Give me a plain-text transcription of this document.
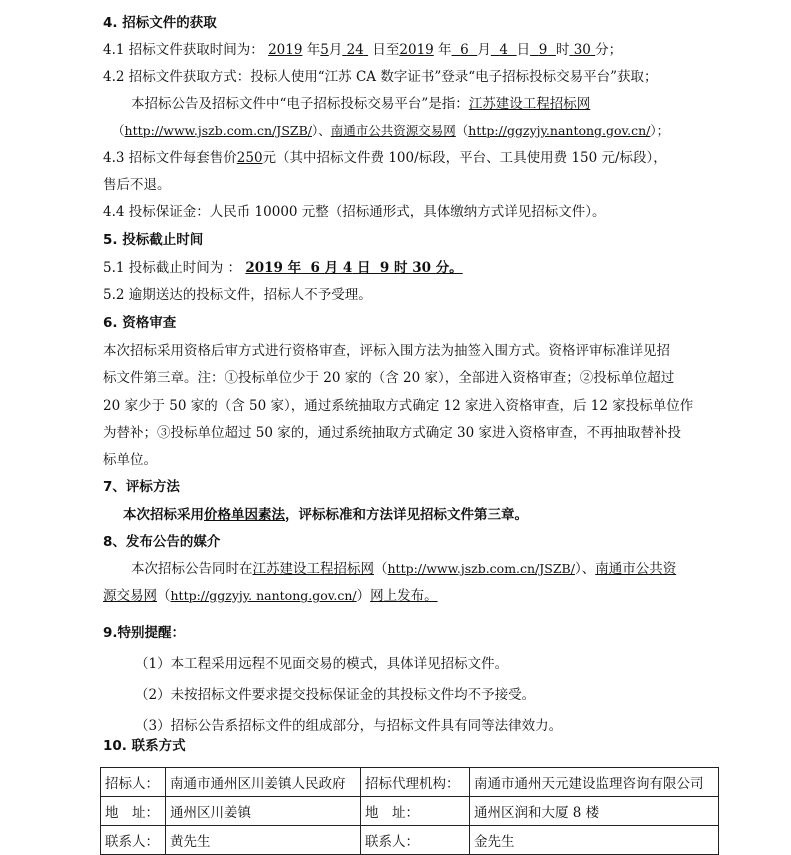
4. 招标文件的获取
4.1 招标文件获取时间为： 2019 年5月 24 日至2019 年 6 月 4 日 9 时 30 分；
4.2 招标文件获取方式：投标人使用“江苏 CA 数字证书”登录“电子招标投标交易平台”获取；
本招标公告及招标文件中“电子招标投标交易平台”是指：江苏建设工程招标网
（http://www.jszb.com.cn/JSZB/）、南通市公共资源交易网（http://ggzyjy.nantong.gov.cn/）；
4.3 招标文件每套售价250元（其中招标文件费 100/标段，平台、工具使用费 150 元/标段），
售后不退。
4.4 投标保证金：人民币 10000 元整（招标通形式，具体缴纳方式详见招标文件）。
5. 投标截止时间
5.1 投标截止时间为 ： 2019 年 6 月 4 日 9 时 30 分。
5.2 逾期送达的投标文件，招标人不予受理。
6. 资格审查
本次招标采用资格后审方式进行资格审查，评标入围方法为抽签入围方式。资格评审标准详见招
标文件第三章。注：①投标单位少于 20 家的（含 20 家），全部进入资格审查；②投标单位超过
20 家少于 50 家的（含 50 家），通过系统抽取方式确定 12 家进入资格审查，后 12 家投标单位作
为替补；③投标单位超过 50 家的，通过系统抽取方式确定 30 家进入资格审查，不再抽取替补投
标单位。
7、评标方法
本次招标采用价格单因素法，评标标准和方法详见招标文件第三章。
8、发布公告的媒介
本次招标公告同时在江苏建设工程招标网（http://www.jszb.com.cn/JSZB/）、南通市公共资
源交易网（http://ggzyjy. nantong.gov.cn/）网上发布。
9.特别提醒：
（1）本工程采用远程不见面交易的模式，具体详见招标文件。
（2）未按招标文件要求提交投标保证金的其投标文件均不予接受。
（3）招标公告系招标文件的组成部分，与招标文件具有同等法律效力。
10. 联系方式
招标人：	南通市通州区川姜镇人民政府	招标代理机构：	南通市通州天元建设监理咨询有限公司
地　址：	通州区川姜镇	地　址：	通州区润和大厦 8 楼
联系人：	黄先生	联系人：	金先生
